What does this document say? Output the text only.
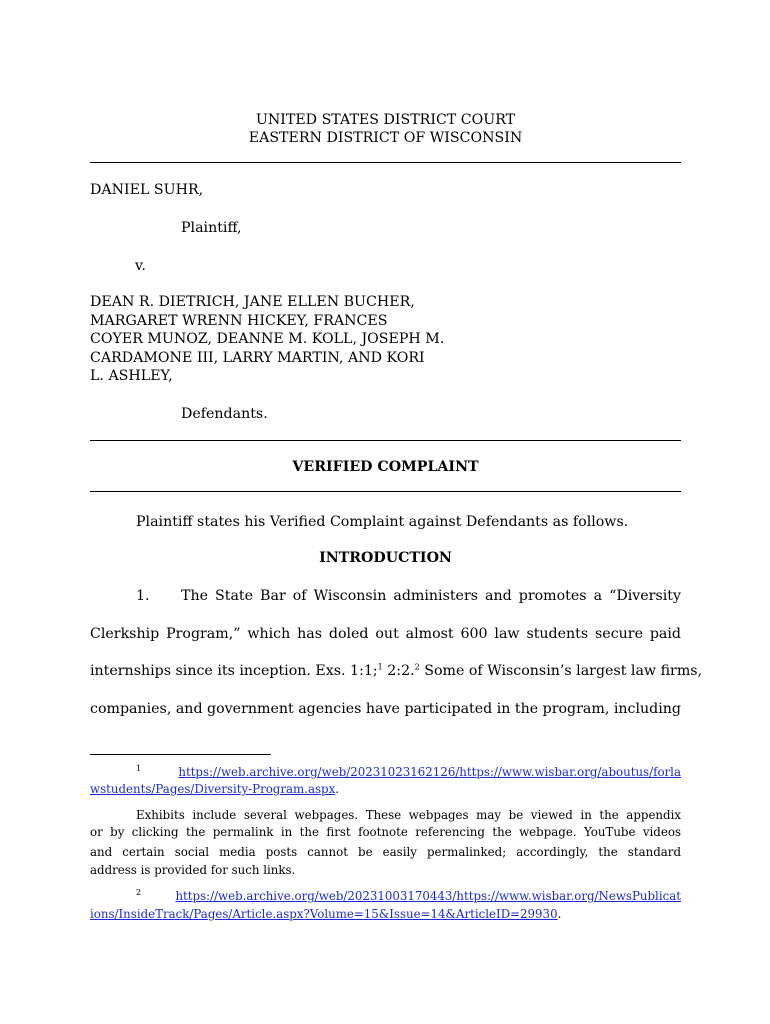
UNITED STATES DISTRICT COURT
EASTERN DISTRICT OF WISCONSIN
DANIEL SUHR,
Plaintiff,
v.
DEAN R. DIETRICH, JANE ELLEN BUCHER,
MARGARET WRENN HICKEY, FRANCES
COYER MUNOZ, DEANNE M. KOLL, JOSEPH M.
CARDAMONE III, LARRY MARTIN, AND KORI
L. ASHLEY,
Defendants.
VERIFIED COMPLAINT
Plaintiff states his Verified Complaint against Defendants as follows.
INTRODUCTION
1. The State Bar of Wisconsin administers and promotes a “Diversity
Clerkship Program,” which has doled out almost 600 law students secure paid
internships since its inception. Exs. 1:1;$^1$ 2:2.$^2$ Some of Wisconsin’s largest law firms,
companies, and government agencies have participated in the program, including
$^1$	https://web.archive.org/web/20231023162126/https://www.wisbar.org/aboutus/forla
wstudents/Pages/Diversity-Program.aspx.
Exhibits include several webpages. These webpages may be viewed in the appendix
or by clicking the permalink in the first footnote referencing the webpage. YouTube videos
and certain social media posts cannot be easily permalinked; accordingly, the standard
address is provided for such links.
$^2$	https://web.archive.org/web/20231003170443/https://www.wisbar.org/NewsPublicat
ions/InsideTrack/Pages/Article.aspx?Volume=15&Issue=14&ArticleID=29930.
